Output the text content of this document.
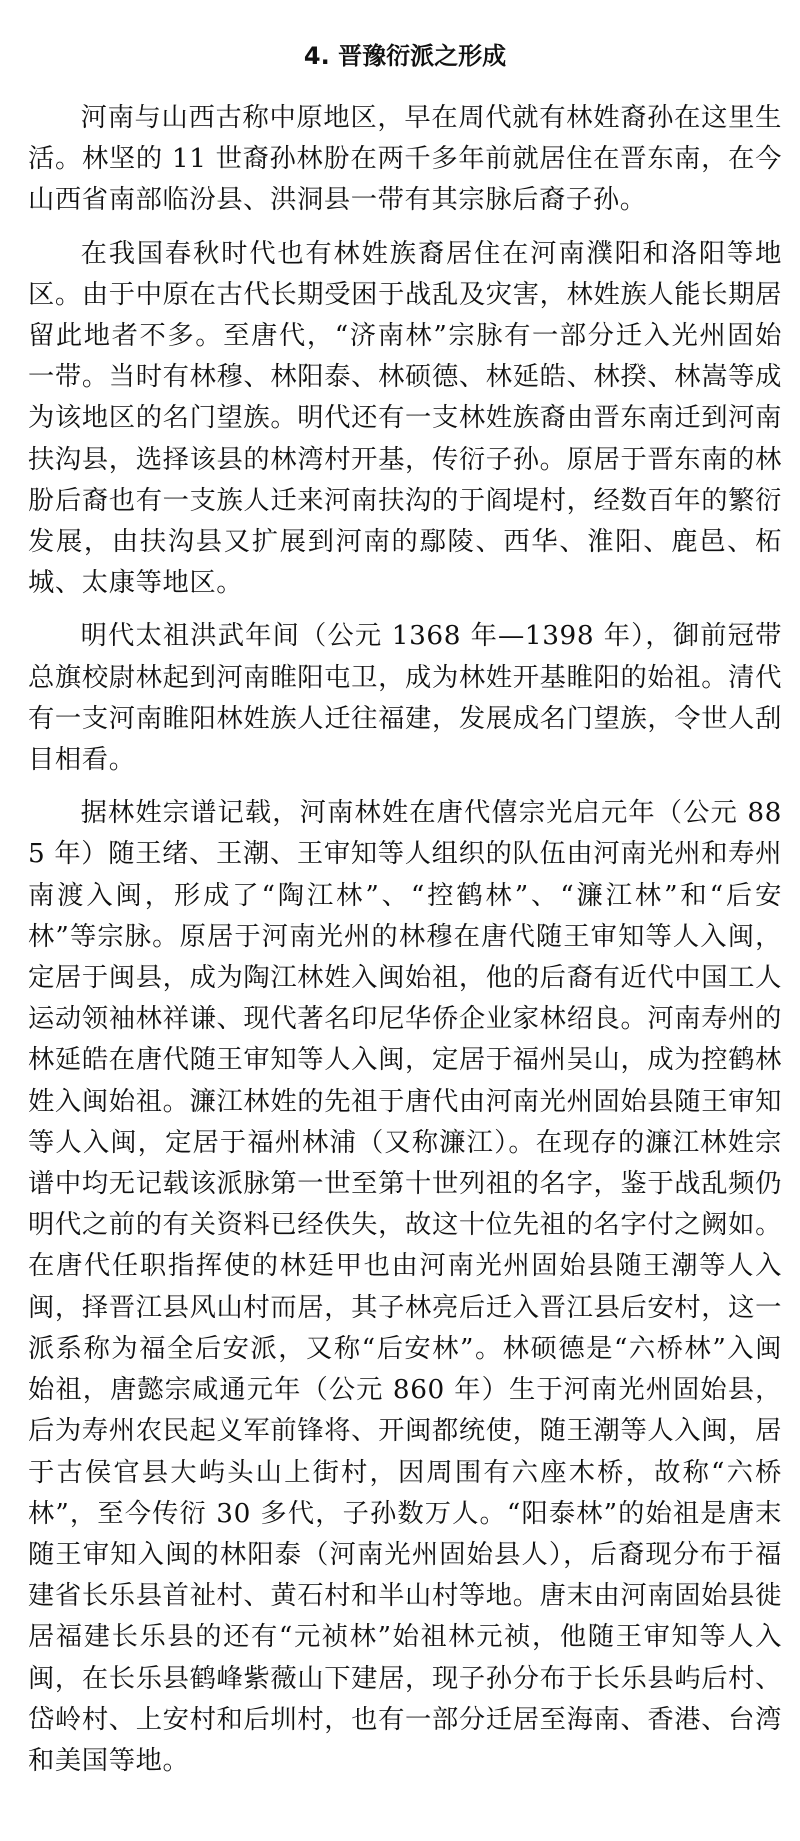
4. 晋豫衍派之形成

河南与山西古称中原地区，早在周代就有林姓裔孙在这里生活。林坚的 11 世裔孙林朌在两千多年前就居住在晋东南，在今山西省南部临汾县、洪洞县一带有其宗脉后裔子孙。

在我国春秋时代也有林姓族裔居住在河南濮阳和洛阳等地区。由于中原在古代长期受困于战乱及灾害，林姓族人能长期居留此地者不多。至唐代，“济南林”宗脉有一部分迁入光州固始一带。当时有林穆、林阳泰、林硕德、林延皓、林揆、林嵩等成为该地区的名门望族。明代还有一支林姓族裔由晋东南迁到河南扶沟县，选择该县的林湾村开基，传衍子孙。原居于晋东南的林朌后裔也有一支族人迁来河南扶沟的于阎堤村，经数百年的繁衍发展，由扶沟县又扩展到河南的鄢陵、西华、淮阳、鹿邑、柘城、太康等地区。

明代太祖洪武年间（公元 1368 年—1398 年），御前冠带总旗校尉林起到河南睢阳屯卫，成为林姓开基睢阳的始祖。清代有一支河南睢阳林姓族人迁往福建，发展成名门望族，令世人刮目相看。

据林姓宗谱记载，河南林姓在唐代僖宗光启元年（公元 885 年）随王绪、王潮、王审知等人组织的队伍由河南光州和寿州南渡入闽，形成了“陶江林”、“控鹤林”、“濂江林”和“后安林”等宗脉。原居于河南光州的林穆在唐代随王审知等人入闽，定居于闽县，成为陶江林姓入闽始祖，他的后裔有近代中国工人运动领袖林祥谦、现代著名印尼华侨企业家林绍良。河南寿州的林延皓在唐代随王审知等人入闽，定居于福州吴山，成为控鹤林姓入闽始祖。濂江林姓的先祖于唐代由河南光州固始县随王审知等人入闽，定居于福州林浦（又称濂江）。在现存的濂江林姓宗谱中均无记载该派脉第一世至第十世列祖的名字，鉴于战乱频仍明代之前的有关资料已经佚失，故这十位先祖的名字付之阙如。在唐代任职指挥使的林廷甲也由河南光州固始县随王潮等人入闽，择晋江县风山村而居，其子林亮后迁入晋江县后安村，这一派系称为福全后安派，又称“后安林”。林硕德是“六桥林”入闽始祖，唐懿宗咸通元年（公元 860 年）生于河南光州固始县，后为寿州农民起义军前锋将、开闽都统使，随王潮等人入闽，居于古侯官县大屿头山上街村，因周围有六座木桥，故称“六桥林”，至今传衍 30 多代，子孙数万人。“阳泰林”的始祖是唐末随王审知入闽的林阳泰（河南光州固始县人），后裔现分布于福建省长乐县首祉村、黄石村和半山村等地。唐末由河南固始县徙居福建长乐县的还有“元祯林”始祖林元祯，他随王审知等人入闽，在长乐县鹤峰紫薇山下建居，现子孙分布于长乐县屿后村、岱岭村、上安村和后圳村，也有一部分迁居至海南、香港、台湾和美国等地。
